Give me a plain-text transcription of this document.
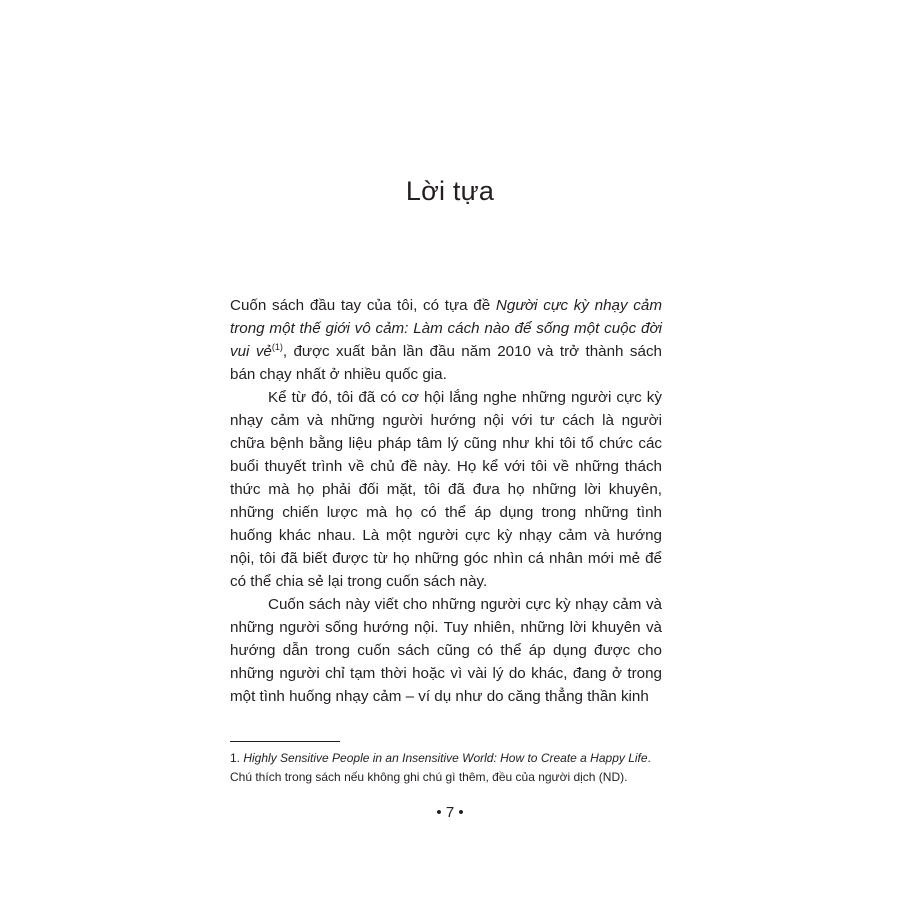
Lời tựa

Cuốn sách đầu tay của tôi, có tựa đề Người cực kỳ nhạy cảm trong một thế giới vô cảm: Làm cách nào để sống một cuộc đời vui vẻ$^{(1)}$, được xuất bản lần đầu năm 2010 và trở thành sách bán chạy nhất ở nhiều quốc gia.

Kể từ đó, tôi đã có cơ hội lắng nghe những người cực kỳ nhạy cảm và những người hướng nội với tư cách là người chữa bệnh bằng liệu pháp tâm lý cũng như khi tôi tổ chức các buổi thuyết trình về chủ đề này. Họ kể với tôi về những thách thức mà họ phải đối mặt, tôi đã đưa họ những lời khuyên, những chiến lược mà họ có thể áp dụng trong những tình huống khác nhau. Là một người cực kỳ nhạy cảm và hướng nội, tôi đã biết được từ họ những góc nhìn cá nhân mới mẻ để có thể chia sẻ lại trong cuốn sách này.

Cuốn sách này viết cho những người cực kỳ nhạy cảm và những người sống hướng nội. Tuy nhiên, những lời khuyên và hướng dẫn trong cuốn sách cũng có thể áp dụng được cho những người chỉ tạm thời hoặc vì vài lý do khác, đang ở trong một tình huống nhạy cảm – ví dụ như do căng thẳng thần kinh

1. Highly Sensitive People in an Insensitive World: How to Create a Happy Life.
Chú thích trong sách nếu không ghi chú gì thêm, đều của người dịch (ND).
• 7 •
